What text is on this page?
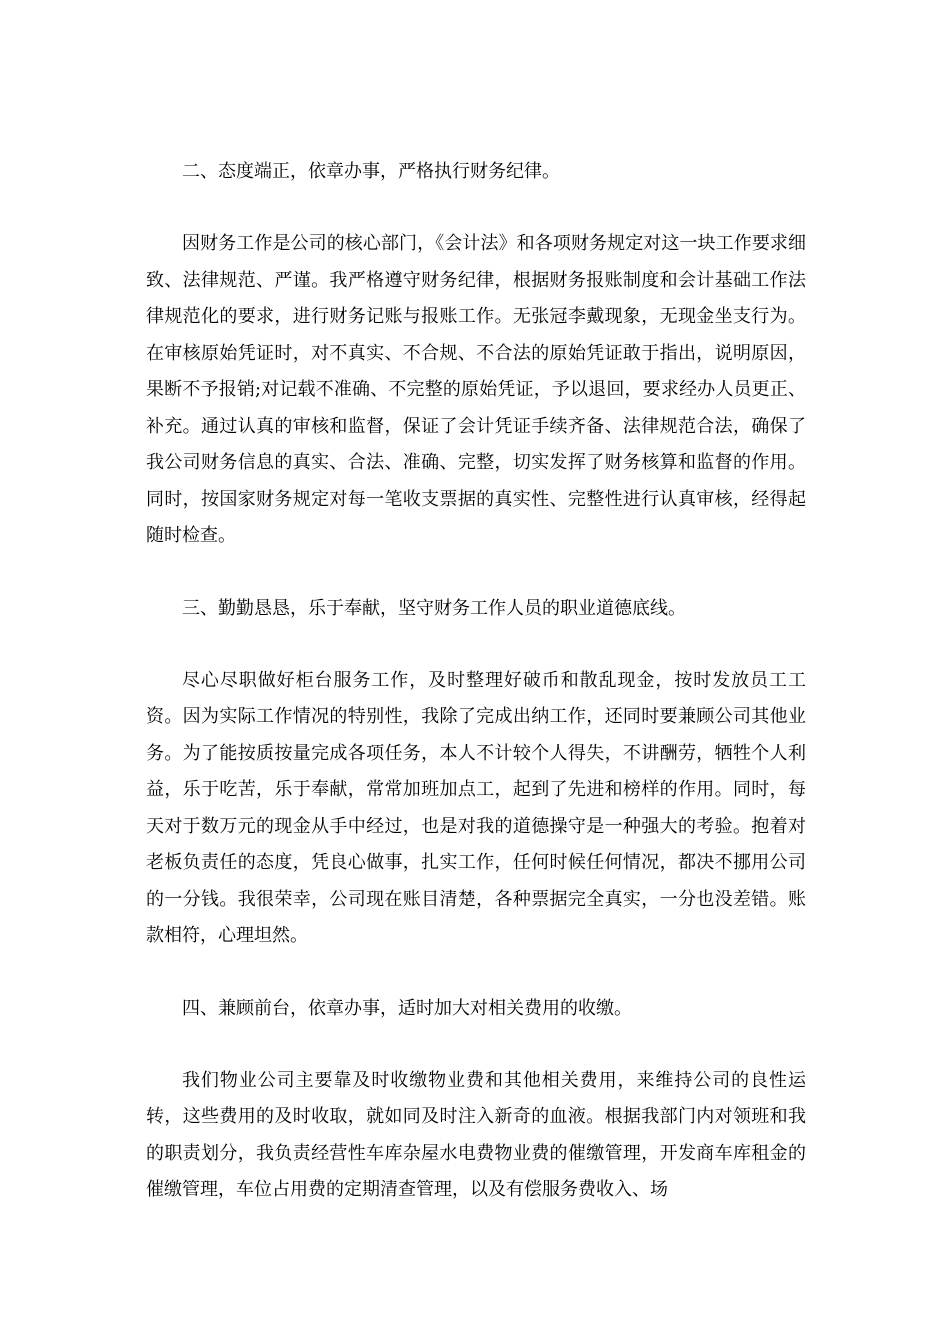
二、态度端正，依章办事，严格执行财务纪律。

因财务工作是公司的核心部门，《会计法》和各项财务规定对这一块工作要求细致、法律规范、严谨。我严格遵守财务纪律，根据财务报账制度和会计基础工作法律规范化的要求，进行财务记账与报账工作。无张冠李戴现象，无现金坐支行为。在审核原始凭证时，对不真实、不合规、不合法的原始凭证敢于指出，说明原因，果断不予报销;对记载不准确、不完整的原始凭证，予以退回，要求经办人员更正、补充。通过认真的审核和监督，保证了会计凭证手续齐备、法律规范合法，确保了我公司财务信息的真实、合法、准确、完整，切实发挥了财务核算和监督的作用。同时，按国家财务规定对每一笔收支票据的真实性、完整性进行认真审核，经得起随时检查。

三、勤勤恳恳，乐于奉献，坚守财务工作人员的职业道德底线。

尽心尽职做好柜台服务工作，及时整理好破币和散乱现金，按时发放员工工资。因为实际工作情况的特别性，我除了完成出纳工作，还同时要兼顾公司其他业务。为了能按质按量完成各项任务，本人不计较个人得失，不讲酬劳，牺牲个人利益，乐于吃苦，乐于奉献，常常加班加点工，起到了先进和榜样的作用。同时，每天对于数万元的现金从手中经过，也是对我的道德操守是一种强大的考验。抱着对老板负责任的态度，凭良心做事，扎实工作，任何时候任何情况，都决不挪用公司的一分钱。我很荣幸，公司现在账目清楚，各种票据完全真实，一分也没差错。账款相符，心理坦然。

四、兼顾前台，依章办事，适时加大对相关费用的收缴。

我们物业公司主要靠及时收缴物业费和其他相关费用，来维持公司的良性运转，这些费用的及时收取，就如同及时注入新奇的血液。根据我部门内对领班和我的职责划分，我负责经营性车库杂屋水电费物业费的催缴管理，开发商车库租金的催缴管理，车位占用费的定期清查管理，以及有偿服务费收入、场
